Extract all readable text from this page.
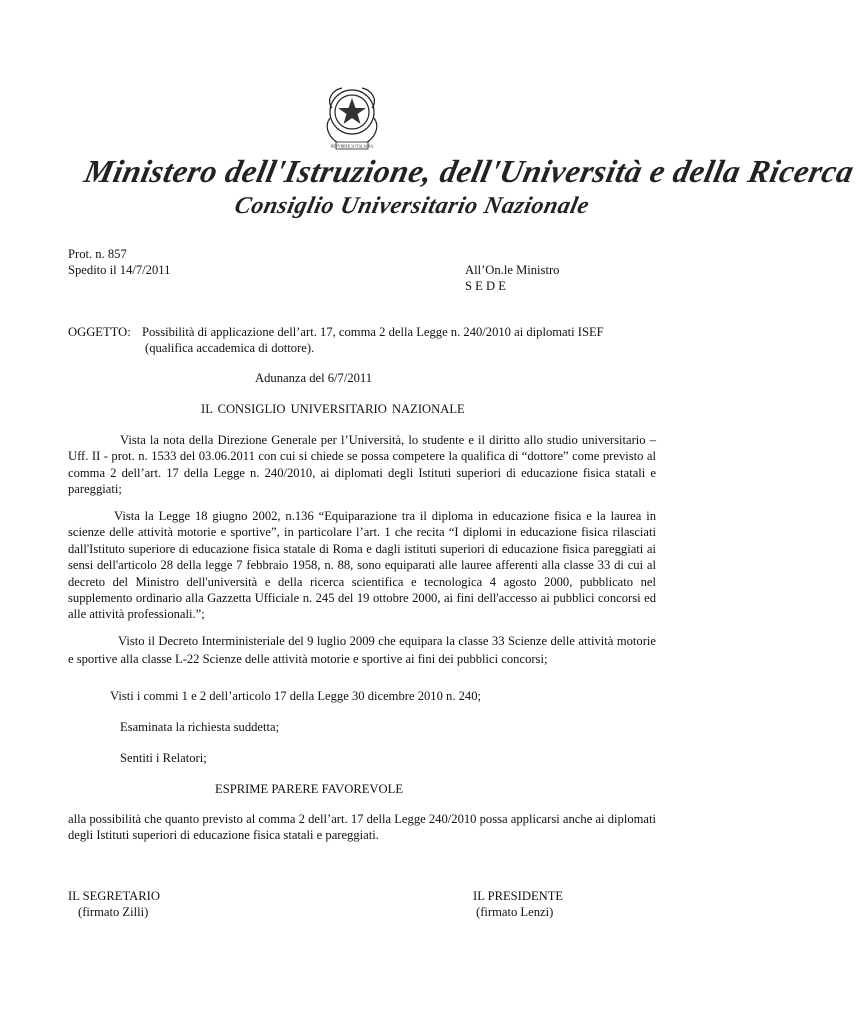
REPVBBLICA ITALIANA
Ministero dell'Istruzione, dell'Università e della Ricerca
Consiglio Universitario Nazionale
Prot. n. 857
Spedito il 14/7/2011	All’On.le Ministro
S E D E
OGGETTO: Possibilità di applicazione dell’art. 17, comma 2 della Legge n. 240/2010 ai diplomati ISEF
(qualifica accademica di dottore).
Adunanza del 6/7/2011
IL CONSIGLIO UNIVERSITARIO NAZIONALE
Vista la nota della Direzione Generale per l’Università, lo studente e il diritto allo studio universitario – Uff. II - prot. n. 1533 del 03.06.2011 con cui si chiede se possa competere la qualifica di “dottore” come previsto al comma 2 dell’art. 17 della Legge n. 240/2010, ai diplomati degli Istituti superiori di educazione fisica statali e pareggiati;
Vista la Legge 18 giugno 2002, n.136 “Equiparazione tra il diploma in educazione fisica e la laurea in scienze delle attività motorie e sportive”, in particolare l’art. 1 che recita “I diplomi in educazione fisica rilasciati dall'Istituto superiore di educazione fisica statale di Roma e dagli istituti superiori di educazione fisica pareggiati ai sensi dell'articolo 28 della legge 7 febbraio 1958, n. 88, sono equiparati alle lauree afferenti alla classe 33 di cui al decreto del Ministro dell'università e della ricerca scientifica e tecnologica 4 agosto 2000, pubblicato nel supplemento ordinario alla Gazzetta Ufficiale n. 245 del 19 ottobre 2000, ai fini dell'accesso ai pubblici concorsi ed alle attività professionali.”;
Visto il Decreto Interministeriale del 9 luglio 2009 che equipara la classe 33 Scienze delle attività motorie e sportive alla classe L-22 Scienze delle attività motorie e sportive ai fini dei pubblici concorsi;
Visti i commi 1 e 2 dell’articolo 17 della Legge 30 dicembre 2010 n. 240;
Esaminata la richiesta suddetta;
Sentiti i Relatori;
ESPRIME PARERE FAVOREVOLE
alla possibilità che quanto previsto al comma 2 dell’art. 17 della Legge 240/2010 possa applicarsi anche ai diplomati degli Istituti superiori di educazione fisica statali e pareggiati.
IL SEGRETARIO
(firmato Zilli)
IL PRESIDENTE
(firmato Lenzi)
